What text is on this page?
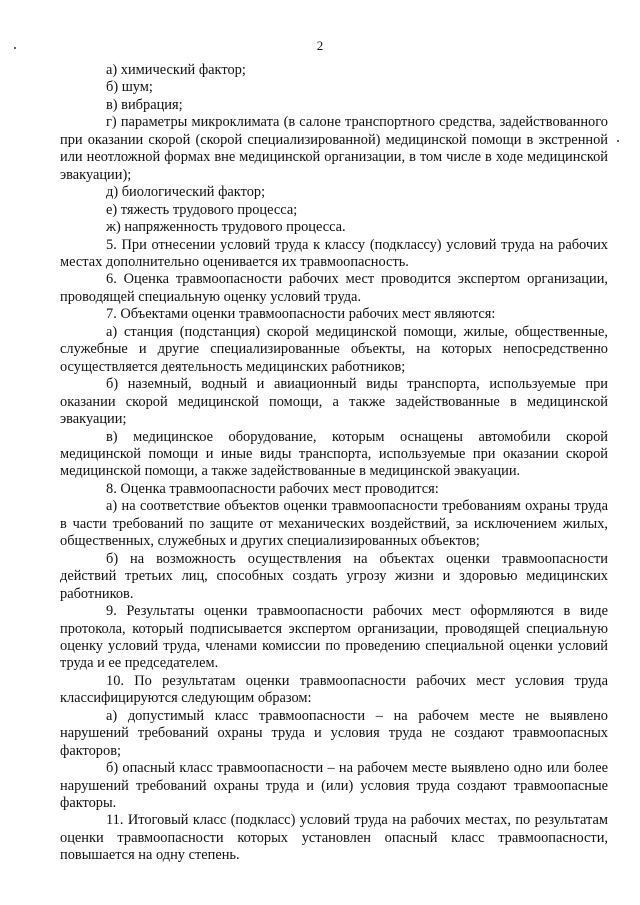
2

а) химический фактор;

б) шум;

в) вибрация;

г) параметры микроклимата (в салоне транспортного средства, задействованного при оказании скорой (скорой специализированной) медицинской помощи в экстренной или неотложной формах вне медицинской организации, в том числе в ходе медицинской эвакуации);

д) биологический фактор;

е) тяжесть трудового процесса;

ж) напряженность трудового процесса.

5. При отнесении условий труда к классу (подклассу) условий труда на рабочих местах дополнительно оценивается их травмоопасность.

6. Оценка травмоопасности рабочих мест проводится экспертом организации, проводящей специальную оценку условий труда.

7. Объектами оценки травмоопасности рабочих мест являются:

а) станция (подстанция) скорой медицинской помощи, жилые, общественные, служебные и другие специализированные объекты, на которых непосредственно осуществляется деятельность медицинских работников;

б) наземный, водный и авиационный виды транспорта, используемые при оказании скорой медицинской помощи, а также задействованные в медицинской эвакуации;

в) медицинское оборудование, которым оснащены автомобили скорой медицинской помощи и иные виды транспорта, используемые при оказании скорой медицинской помощи, а также задействованные в медицинской эвакуации.

8. Оценка травмоопасности рабочих мест проводится:

а) на соответствие объектов оценки травмоопасности требованиям охраны труда в части требований по защите от механических воздействий, за исключением жилых, общественных, служебных и других специализированных объектов;

б) на возможность осуществления на объектах оценки травмоопасности действий третьих лиц, способных создать угрозу жизни и здоровью медицинских работников.

9. Результаты оценки травмоопасности рабочих мест оформляются в виде протокола, который подписывается экспертом организации, проводящей специальную оценку условий труда, членами комиссии по проведению специальной оценки условий труда и ее председателем.

10. По результатам оценки травмоопасности рабочих мест условия труда классифицируются следующим образом:

а) допустимый класс травмоопасности – на рабочем месте не выявлено нарушений требований охраны труда и условия труда не создают травмоопасных факторов;

б) опасный класс травмоопасности – на рабочем месте выявлено одно или более нарушений требований охраны труда и (или) условия труда создают травмоопасные факторы.

11. Итоговый класс (подкласс) условий труда на рабочих местах, по результатам оценки травмоопасности которых установлен опасный класс травмоопасности, повышается на одну степень.
